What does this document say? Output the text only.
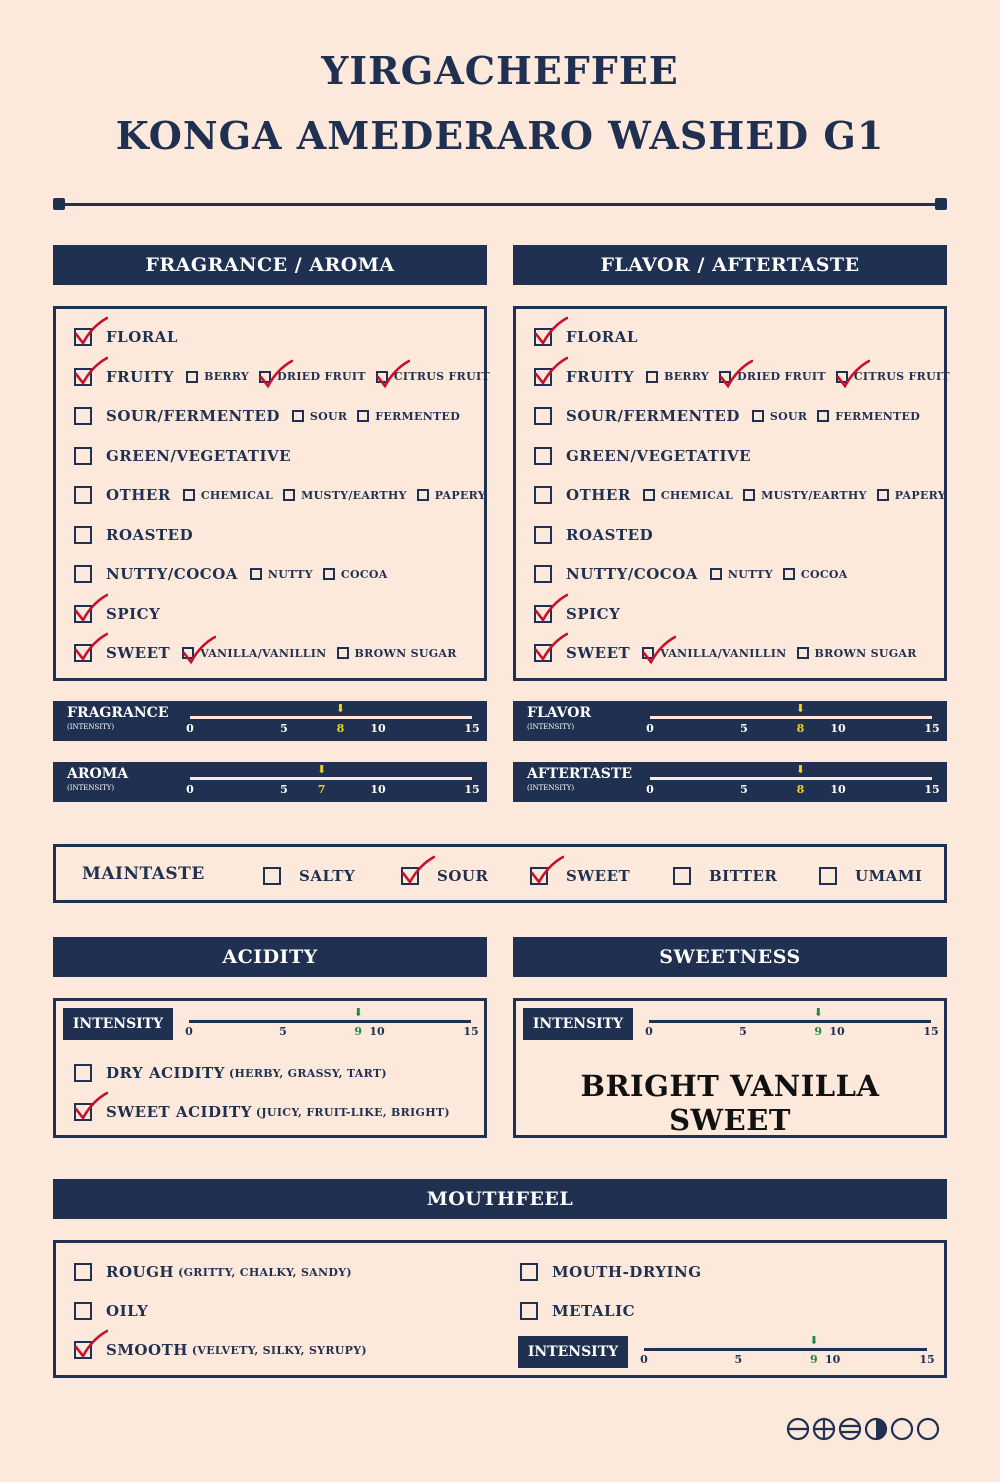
YIRGACHEFFEE
KONGA AMEDERARO WASHED G1
FRAGRANCE / AROMA	FLAVOR / AFTERTASTE
FLORAL
FRUITY	BERRY	DRIED FRUIT	CITRUS FRUIT
SOUR/FERMENTED	SOUR	FERMENTED
GREEN/VEGETATIVE
OTHER	CHEMICAL	MUSTY/EARTHY	PAPERY
ROASTED
NUTTY/COCOA	NUTTY	COCOA
SPICY
SWEET	VANILLA/VANILLIN	BROWN SUGAR
FLORAL
FRUITY	BERRY	DRIED FRUIT	CITRUS FRUIT
SOUR/FERMENTED	SOUR	FERMENTED
GREEN/VEGETATIVE
OTHER	CHEMICAL	MUSTY/EARTHY	PAPERY
ROASTED
NUTTY/COCOA	NUTTY	COCOA
SPICY
SWEET	VANILLA/VANILLIN	BROWN SUGAR
FRAGRANCE
(INTENSITY)	0	5	10	15
⬇
8
AROMA
(INTENSITY)	0	5	10	15
⬇
7
FLAVOR
(INTENSITY)	0	5	10	15
⬇
8
AFTERTASTE
(INTENSITY)	0	5	10	15
⬇
8
MAINTASTE	SALTY	SOUR	SWEET	BITTER	UMAMI
ACIDITY
INTENSITY	0	5	10	15
⬇
9
DRY ACIDITY (HERBY, GRASSY, TART)
SWEET ACIDITY (JUICY, FRUIT-LIKE, BRIGHT)
SWEETNESS
INTENSITY
BRIGHT VANILLA SWEET
0	5	10	15
⬇
9
MOUTHFEEL
INTENSITY	0	5	10	15
⬇
9
ROUGH (GRITTY, CHALKY, SANDY)
OILY
SMOOTH (VELVETY, SILKY, SYRUPY)
MOUTH-DRYING
METALIC
